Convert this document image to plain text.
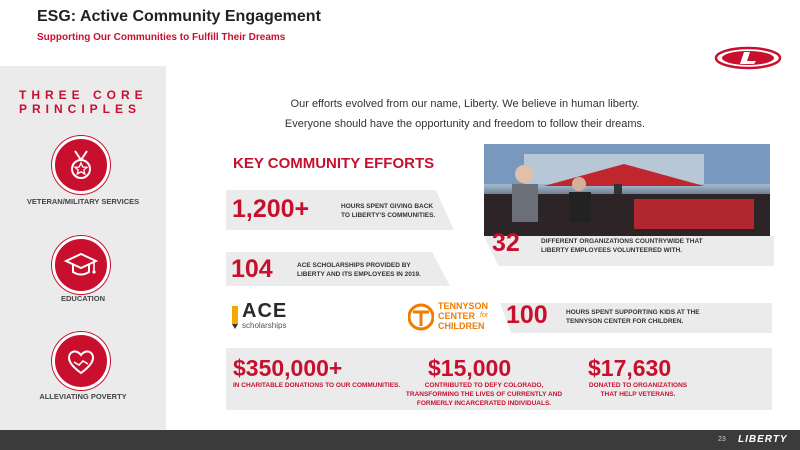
ESG: Active Community Engagement
Supporting Our Communities to Fulfill Their Dreams
THREE CORE PRINCIPLES
VETERAN/MILITARY SERVICES
EDUCATION
ALLEVIATING POVERTY
Our efforts evolved from our name, Liberty. We believe in human liberty.
Everyone should have the opportunity and freedom to follow their dreams.
KEY COMMUNITY EFFORTS
1,200+	HOURS SPENT GIVING BACK
TO LIBERTY'S COMMUNITIES.
32	DIFFERENT ORGANIZATIONS COUNTRYWIDE THAT
LIBERTY EMPLOYEES VOLUNTEERED WITH.
104	ACE SCHOLARSHIPS PROVIDED BY
LIBERTY AND ITS EMPLOYEES IN 2019.
ACE
scholarships
TENNYSON
CENTER for
CHILDREN 100	HOURS SPENT SUPPORTING KIDS AT THE
TENNYSON CENTER FOR CHILDREN.
$350,000+
IN CHARITABLE DONATIONS TO OUR COMMUNITIES.
$15,000
CONTRIBUTED TO DEFY COLORADO,
TRANSFORMING THE LIVES OF CURRENTLY AND
FORMERLY INCARCERATED INDIVIDUALS.
$17,630
DONATED TO ORGANIZATIONS
THAT HELP VETERANS.
23 LIBERTY
